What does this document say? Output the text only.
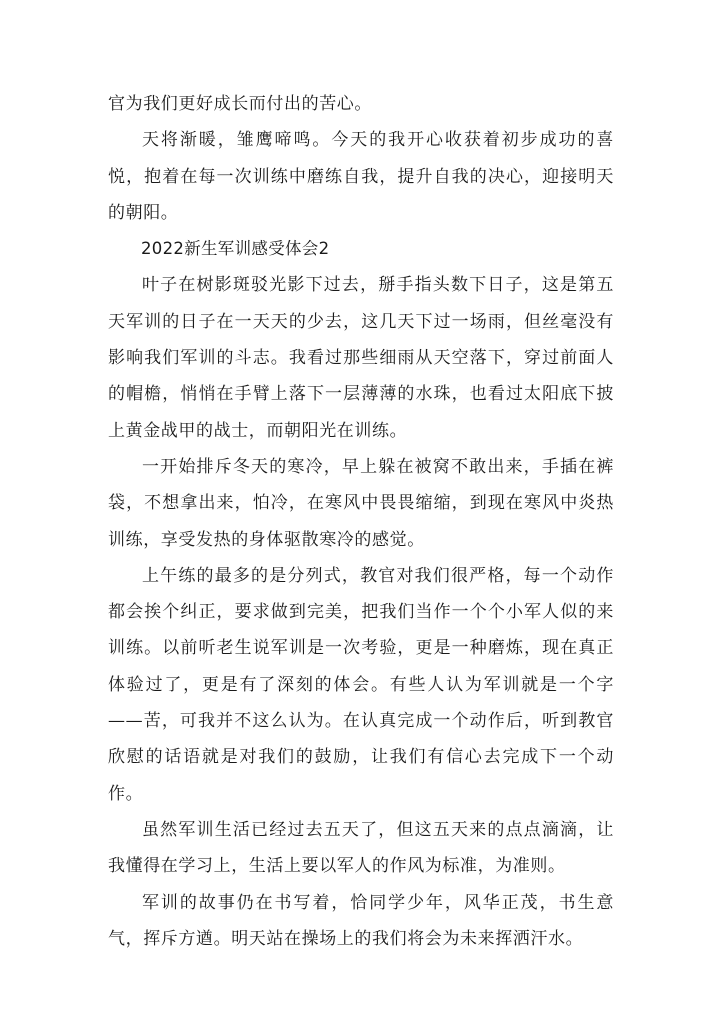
官为我们更好成长而付出的苦心。

天将渐暖，雏鹰啼鸣。今天的我开心收获着初步成功的喜悦，抱着在每一次训练中磨练自我，提升自我的决心，迎接明天的朝阳。

2022新生军训感受体会2

叶子在树影斑驳光影下过去，掰手指头数下日子，这是第五天军训的日子在一天天的少去，这几天下过一场雨，但丝毫没有影响我们军训的斗志。我看过那些细雨从天空落下，穿过前面人的帽檐，悄悄在手臂上落下一层薄薄的水珠，也看过太阳底下披上黄金战甲的战士，而朝阳光在训练。

一开始排斥冬天的寒冷，早上躲在被窝不敢出来，手插在裤袋，不想拿出来，怕冷，在寒风中畏畏缩缩，到现在寒风中炎热训练，享受发热的身体驱散寒冷的感觉。

上午练的最多的是分列式，教官对我们很严格，每一个动作都会挨个纠正，要求做到完美，把我们当作一个个小军人似的来训练。以前听老生说军训是一次考验，更是一种磨炼，现在真正体验过了，更是有了深刻的体会。有些人认为军训就是一个字——苦，可我并不这么认为。在认真完成一个动作后，听到教官欣慰的话语就是对我们的鼓励，让我们有信心去完成下一个动作。

虽然军训生活已经过去五天了，但这五天来的点点滴滴，让我懂得在学习上，生活上要以军人的作风为标准，为准则。

军训的故事仍在书写着，恰同学少年，风华正茂，书生意气，挥斥方遒。明天站在操场上的我们将会为未来挥洒汗水。
